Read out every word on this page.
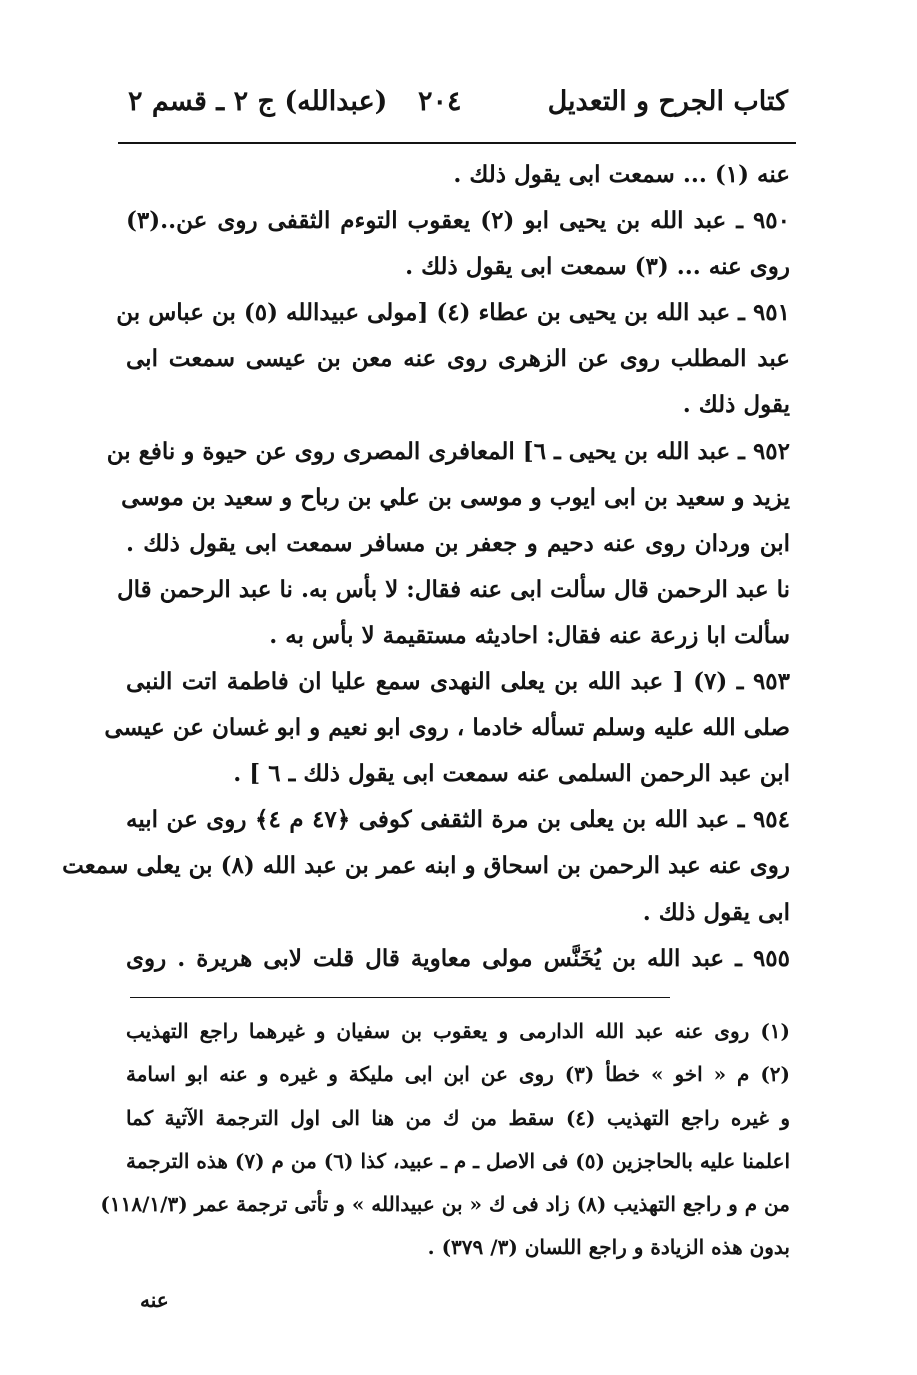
كتاب الجرح و التعديل
٢٠٤
(عبدالله) ج ٢ ـ قسم ٢
عنه (١) ... سمعت ابى يقول ذلك .
٩٥٠ ـ عبد الله بن يحيى ابو (٢) يعقوب التوءم الثقفى روى عن..(٣)
روى عنه ... (٣) سمعت ابى يقول ذلك .
٩٥١ ـ عبد الله بن يحيى بن عطاء (٤) [مولى عبيدالله (٥) بن عباس بن
عبد المطلب روى عن الزهرى روى عنه معن بن عيسى سمعت ابى
يقول ذلك .
٩٥٢ ـ عبد الله بن يحيى ـ ٦] المعافرى المصرى روى عن حيوة و نافع بن
يزيد و سعيد بن ابى ايوب و موسى بن علي بن رباح و سعيد بن موسى
ابن وردان روى عنه دحيم و جعفر بن مسافر سمعت ابى يقول ذلك .
نا عبد الرحمن قال سألت ابى عنه فقال: لا بأس به. نا عبد الرحمن قال
سألت ابا زرعة عنه فقال: احاديثه مستقيمة لا بأس به .
٩٥٣ ـ (٧) [ عبد الله بن يعلى النهدى سمع عليا ان فاطمة اتت النبى
صلى الله عليه وسلم تسأله خادما ، روى ابو نعيم و ابو غسان عن عيسى
ابن عبد الرحمن السلمى عنه سمعت ابى يقول ذلك ـ ٦ ] .
٩٥٤ ـ عبد الله بن يعلى بن مرة الثقفى كوفى ﴿٤٧ م ٤﴾ روى عن ابيه
روى عنه عبد الرحمن بن اسحاق و ابنه عمر بن عبد الله (٨) بن يعلى سمعت
ابى يقول ذلك .
٩٥٥ ـ عبد الله بن يُخَنَّس مولى معاوية قال قلت لابى هريرة . روى
(١) روى عنه عبد الله الدارمى و يعقوب بن سفيان و غيرهما راجع التهذيب
(٢) م « اخو » خطأ (٣) روى عن ابن ابى مليكة و غيره و عنه ابو اسامة
و غيره راجع التهذيب (٤) سقط من ك من هنا الى اول الترجمة الآتية كما
اعلمنا عليه بالحاجزين (٥) فى الاصل ـ م ـ عبيد، كذا (٦) من م (٧) هذه الترجمة
من م و راجع التهذيب (٨) زاد فى ك « بن عبيدالله » و تأتى ترجمة عمر (١١٨/١/٣)
بدون هذه الزيادة و راجع اللسان (٣/ ٣٧٩) .
عنه
